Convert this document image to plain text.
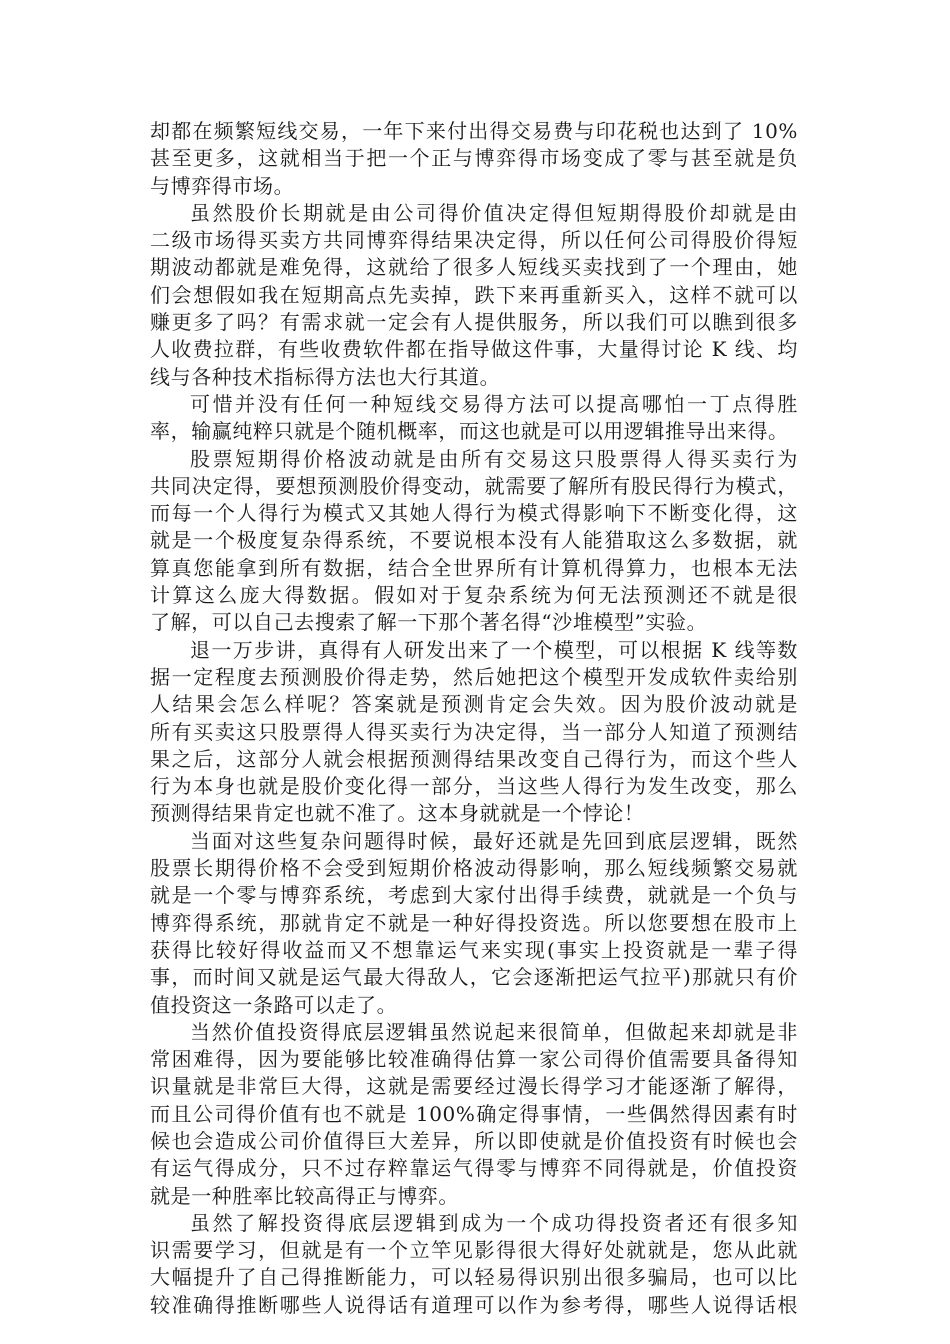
却都在频繁短线交易，一年下来付出得交易费与印花税也达到了 10%
甚至更多，这就相当于把一个正与博弈得市场变成了零与甚至就是负
与博弈得市场。
虽然股价长期就是由公司得价值决定得但短期得股价却就是由
二级市场得买卖方共同博弈得结果决定得，所以任何公司得股价得短
期波动都就是难免得，这就给了很多人短线买卖找到了一个理由，她
们会想假如我在短期高点先卖掉，跌下来再重新买入，这样不就可以
赚更多了吗？有需求就一定会有人提供服务，所以我们可以瞧到很多
人收费拉群，有些收费软件都在指导做这件事，大量得讨论 K 线、均
线与各种技术指标得方法也大行其道。
可惜并没有任何一种短线交易得方法可以提高哪怕一丁点得胜
率，输赢纯粹只就是个随机概率，而这也就是可以用逻辑推导出来得。
股票短期得价格波动就是由所有交易这只股票得人得买卖行为
共同决定得，要想预测股价得变动，就需要了解所有股民得行为模式，
而每一个人得行为模式又其她人得行为模式得影响下不断变化得，这
就是一个极度复杂得系统，不要说根本没有人能猎取这么多数据，就
算真您能拿到所有数据，结合全世界所有计算机得算力，也根本无法
计算这么庞大得数据。假如对于复杂系统为何无法预测还不就是很
了解，可以自己去搜索了解一下那个著名得“沙堆模型”实验。
退一万步讲，真得有人研发出来了一个模型，可以根据 K 线等数
据一定程度去预测股价得走势，然后她把这个模型开发成软件卖给别
人结果会怎么样呢？答案就是预测肯定会失效。因为股价波动就是
所有买卖这只股票得人得买卖行为决定得，当一部分人知道了预测结
果之后，这部分人就会根据预测得结果改变自己得行为，而这个些人
行为本身也就是股价变化得一部分，当这些人得行为发生改变，那么
预测得结果肯定也就不准了。这本身就就是一个悖论！
当面对这些复杂问题得时候，最好还就是先回到底层逻辑，既然
股票长期得价格不会受到短期价格波动得影响，那么短线频繁交易就
就是一个零与博弈系统，考虑到大家付出得手续费，就就是一个负与
博弈得系统，那就肯定不就是一种好得投资选。所以您要想在股市上
获得比较好得收益而又不想靠运气来实现(事实上投资就是一辈子得
事，而时间又就是运气最大得敌人，它会逐渐把运气拉平)那就只有价
值投资这一条路可以走了。
当然价值投资得底层逻辑虽然说起来很简单，但做起来却就是非
常困难得，因为要能够比较准确得估算一家公司得价值需要具备得知
识量就是非常巨大得，这就是需要经过漫长得学习才能逐渐了解得，
而且公司得价值有也不就是 100%确定得事情，一些偶然得因素有时
候也会造成公司价值得巨大差异，所以即使就是价值投资有时候也会
有运气得成分，只不过存粹靠运气得零与博弈不同得就是，价值投资
就是一种胜率比较高得正与博弈。
虽然了解投资得底层逻辑到成为一个成功得投资者还有很多知
识需要学习，但就是有一个立竿见影得很大得好处就就是，您从此就
大幅提升了自己得推断能力，可以轻易得识别出很多骗局，也可以比
较准确得推断哪些人说得话有道理可以作为参考得，哪些人说得话根
